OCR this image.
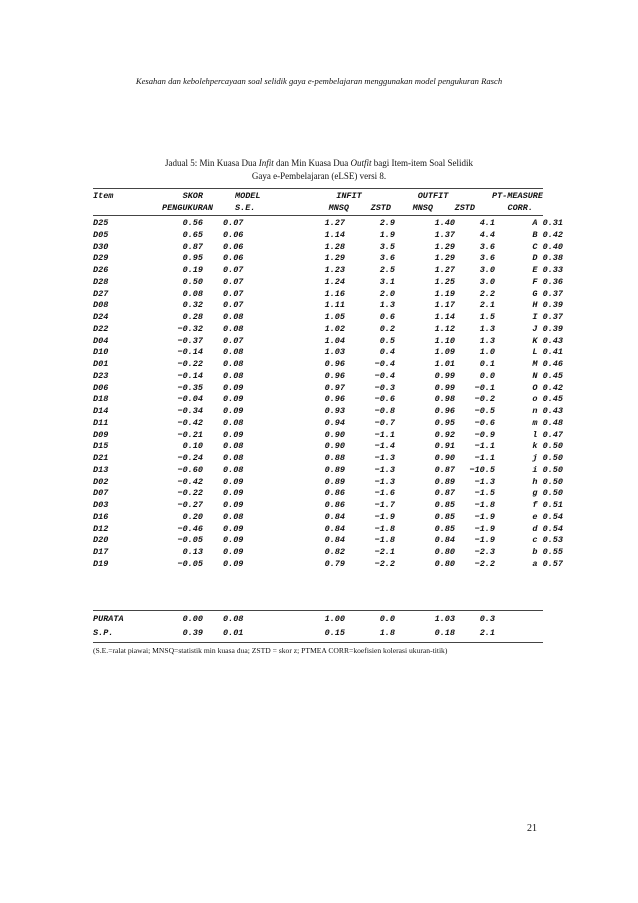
Kesahan dan kebolehpercayaan soal selidik gaya e-pembelajaran menggunakan model pengukuran Rasch
Jadual 5: Min Kuasa Dua Infit dan Min Kuasa Dua Outfit bagi Item-item Soal Selidik
Gaya e-Pembelajaran (eLSE) versi 8.
Item	SKOR	MODEL	INFIT		OUTFIT		PT-MEASURE
	PENGUKURAN	S.E.	MNSQ	ZSTD	MNSQ	ZSTD	CORR.
D25	0.56	0.07	1.27	2.9	1.40	4.1	A 0.31
D05	0.65	0.06	1.14	1.9	1.37	4.4	B 0.42
D30	0.87	0.06	1.28	3.5	1.29	3.6	C 0.40
D29	0.95	0.06	1.29	3.6	1.29	3.6	D 0.38
D26	0.19	0.07	1.23	2.5	1.27	3.0	E 0.33
D28	0.50	0.07	1.24	3.1	1.25	3.0	F 0.36
D27	0.08	0.07	1.16	2.0	1.19	2.2	G 0.37
D08	0.32	0.07	1.11	1.3	1.17	2.1	H 0.39
D24	0.28	0.08	1.05	0.6	1.14	1.5	I 0.37
D22	−0.32	0.08	1.02	0.2	1.12	1.3	J 0.39
D04	−0.37	0.07	1.04	0.5	1.10	1.3	K 0.43
D10	−0.14	0.08	1.03	0.4	1.09	1.0	L 0.41
D01	−0.22	0.08	0.96	−0.4	1.01	0.1	M 0.46
D23	−0.14	0.08	0.96	−0.4	0.99	0.0	N 0.45
D06	−0.35	0.09	0.97	−0.3	0.99	−0.1	O 0.42
D18	−0.04	0.09	0.96	−0.6	0.98	−0.2	o 0.45
D14	−0.34	0.09	0.93	−0.8	0.96	−0.5	n 0.43
D11	−0.42	0.08	0.94	−0.7	0.95	−0.6	m 0.48
D09	−0.21	0.09	0.90	−1.1	0.92	−0.9	l 0.47
D15	0.10	0.08	0.90	−1.4	0.91	−1.1	k 0.50
D21	−0.24	0.08	0.88	−1.3	0.90	−1.1	j 0.50
D13	−0.60	0.08	0.89	−1.3	0.87	−10.5	i 0.50
D02	−0.42	0.09	0.89	−1.3	0.89	−1.3	h 0.50
D07	−0.22	0.09	0.86	−1.6	0.87	−1.5	g 0.50
D03	−0.27	0.09	0.86	−1.7	0.85	−1.8	f 0.51
D16	0.20	0.08	0.84	−1.9	0.85	−1.9	e 0.54
D12	−0.46	0.09	0.84	−1.8	0.85	−1.9	d 0.54
D20	−0.05	0.09	0.84	−1.8	0.84	−1.9	c 0.53
D17	0.13	0.09	0.82	−2.1	0.80	−2.3	b 0.55
D19	−0.05	0.09	0.79	−2.2	0.80	−2.2	a 0.57
PURATA	0.00	0.08	1.00	0.0	1.03	0.3	
S.P.	0.39	0.01	0.15	1.8	0.18	2.1	
(S.E.=ralat piawai; MNSQ=statistik min kuasa dua; ZSTD = skor z; PTMEA CORR=koefisien kolerasi ukuran-titik)
21
